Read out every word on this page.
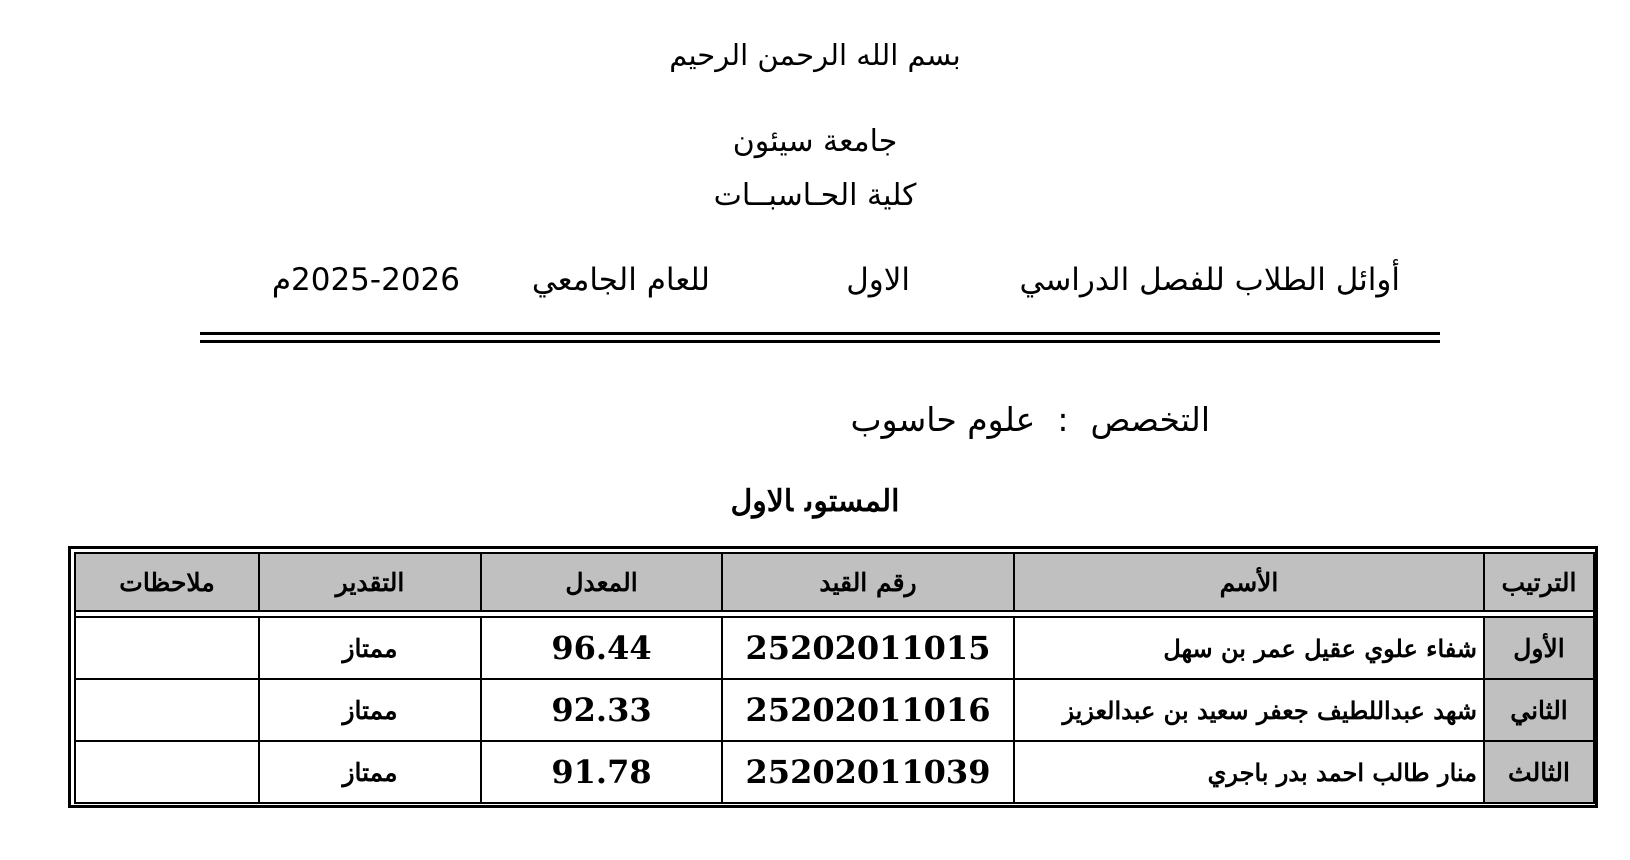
بسم الله الرحمن الرحيم
جامعة سيئون
كلية الحـاسبــات
أوائل الطلاب للفصل الدراسي
الاول
للعام الجامعي
2025-2026م
التخصص:علوم حاسوب
المستوىالاول
الترتيب	الأسم	رقم القيد	المعدل	التقدير	ملاحظات

الأول	شفاء علوي عقيل عمر بن سهل	25202011015	96.44	ممتاز	
الثاني	شهد عبداللطيف جعفر سعيد بن عبدالعزيز	25202011016	92.33	ممتاز	
الثالث	منار طالب احمد بدر باجري	25202011039	91.78	ممتاز	
